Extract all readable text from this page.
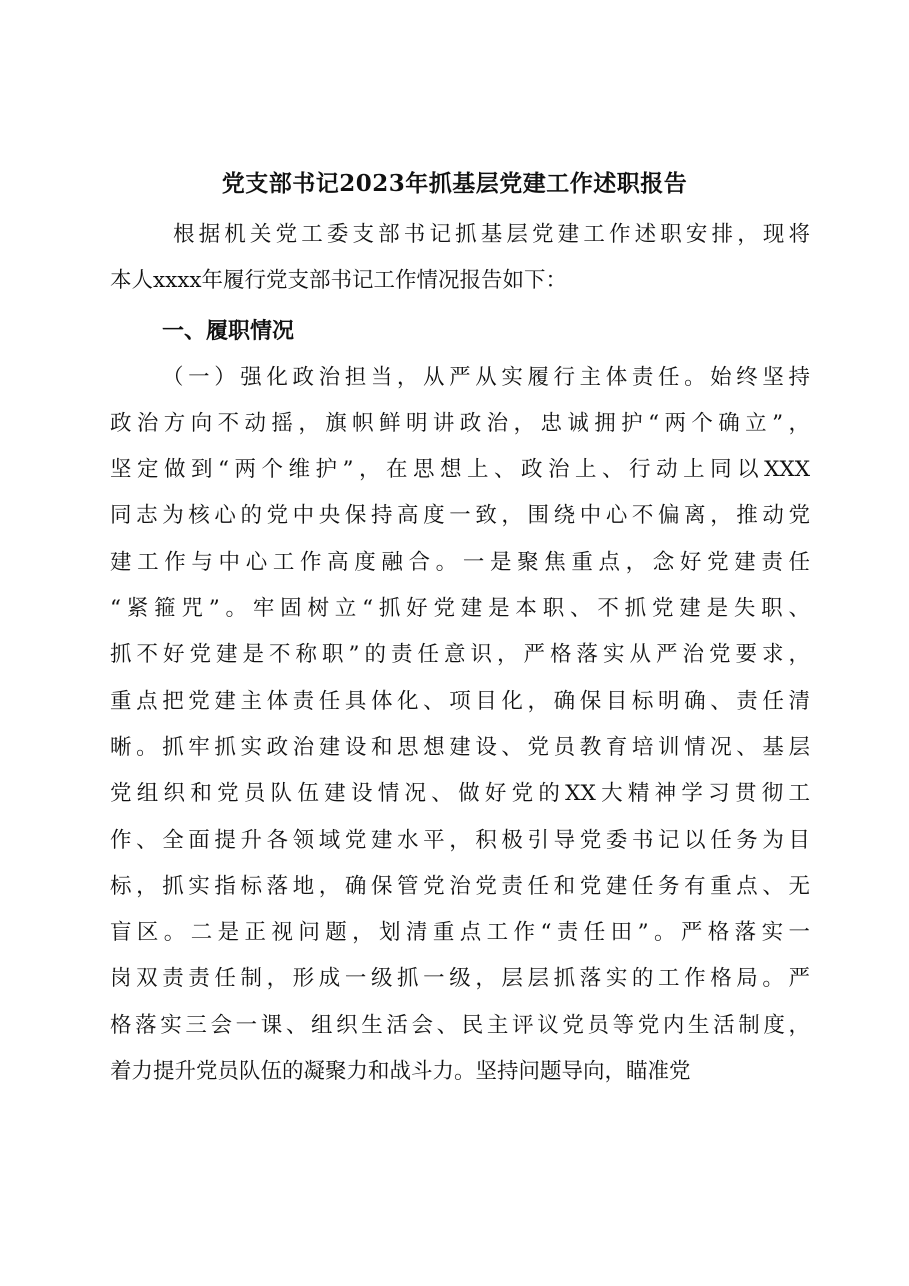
党支部书记2023年抓基层党建工作述职报告
根据机关党工委支部书记抓基层党建工作述职安排，现将
本人xxxx年履行党支部书记工作情况报告如下：
一、履职情况
（一）强化政治担当，从严从实履行主体责任。始终坚持
政治方向不动摇，旗帜鲜明讲政治，忠诚拥护“两个确立”，
坚定做到“两个维护”，在思想上、政治上、行动上同以XXX
同志为核心的党中央保持高度一致，围绕中心不偏离，推动党
建工作与中心工作高度融合。一是聚焦重点，念好党建责任
“紧箍咒”。牢固树立“抓好党建是本职、不抓党建是失职、
抓不好党建是不称职”的责任意识，严格落实从严治党要求，
重点把党建主体责任具体化、项目化，确保目标明确、责任清
晰。抓牢抓实政治建设和思想建设、党员教育培训情况、基层
党组织和党员队伍建设情况、做好党的XX大精神学习贯彻工
作、全面提升各领域党建水平，积极引导党委书记以任务为目
标，抓实指标落地，确保管党治党责任和党建任务有重点、无
盲区。二是正视问题，划清重点工作“责任田”。严格落实一
岗双责责任制，形成一级抓一级，层层抓落实的工作格局。严
格落实三会一课、组织生活会、民主评议党员等党内生活制度，
着力提升党员队伍的凝聚力和战斗力。坚持问题导向，瞄准党
